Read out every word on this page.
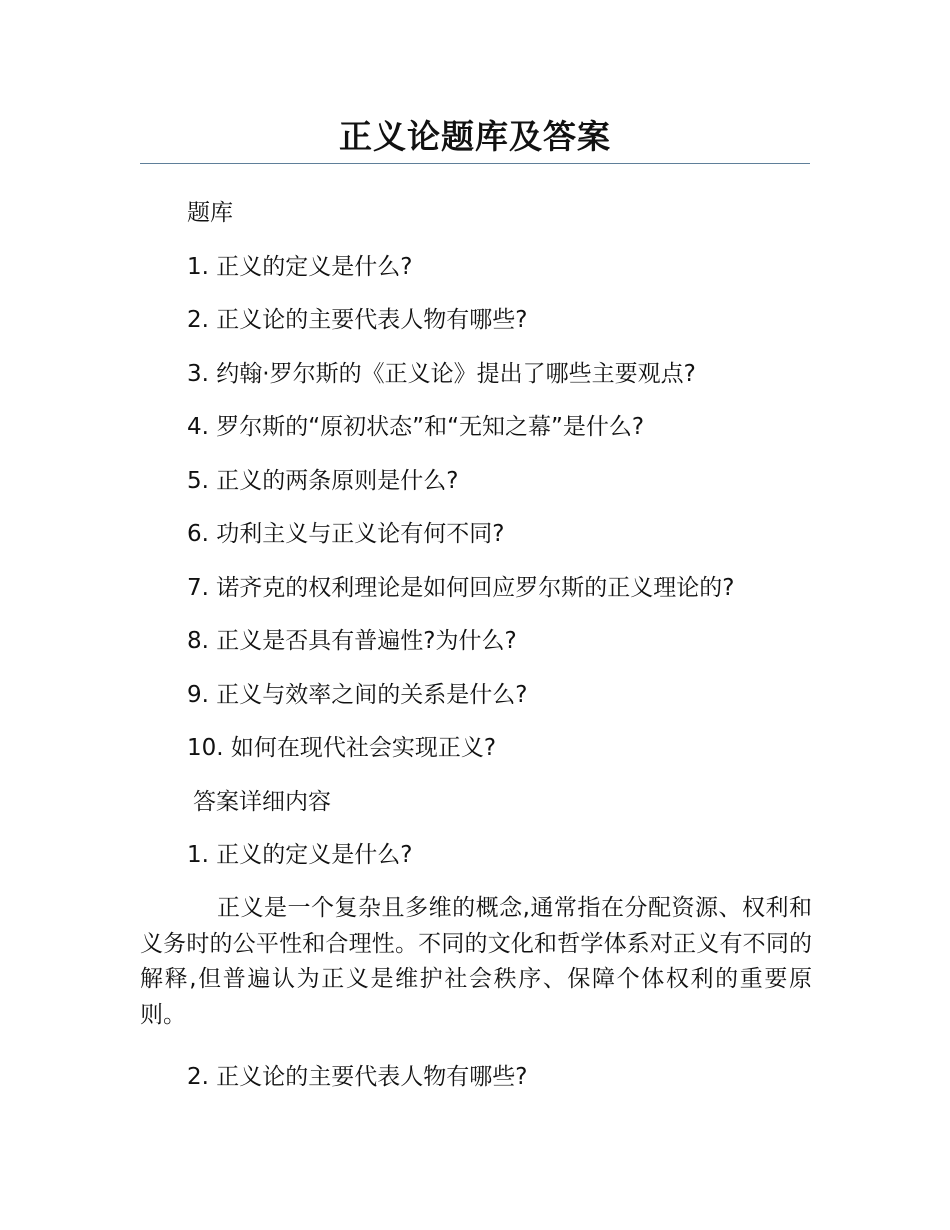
正义论题库及答案
题库
1. 正义的定义是什么?
2. 正义论的主要代表人物有哪些?
3. 约翰·罗尔斯的《正义论》提出了哪些主要观点?
4. 罗尔斯的“原初状态”和“无知之幕”是什么?
5. 正义的两条原则是什么?
6. 功利主义与正义论有何不同?
7. 诺齐克的权利理论是如何回应罗尔斯的正义理论的?
8. 正义是否具有普遍性?为什么?
9. 正义与效率之间的关系是什么?
10. 如何在现代社会实现正义?
答案详细内容
1. 正义的定义是什么?
正义是一个复杂且多维的概念,通常指在分配资源、权利和义务时的公平性和合理性。不同的文化和哲学体系对正义有不同的解释,但普遍认为正义是维护社会秩序、保障个体权利的重要原则。
2. 正义论的主要代表人物有哪些?
